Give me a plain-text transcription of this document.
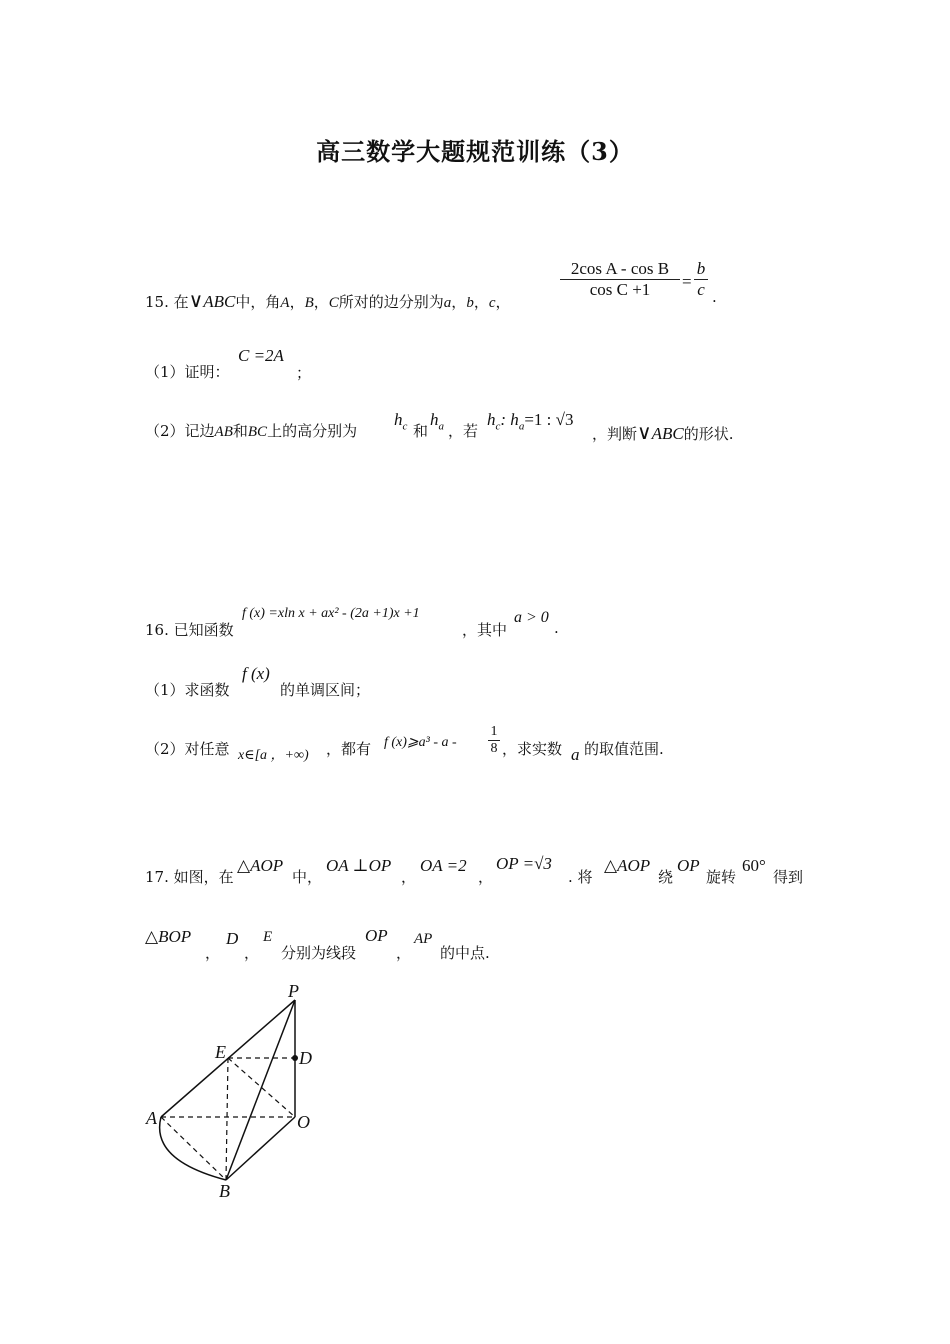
高三数学大题规范训练（3）
15. 在∨ABC中，角A，B，C所对的边分别为a，b，c，
$\frac{\text{2cos A - cos B}}{\text{cos C +1}} = \frac{b}{c}$ .
（1）证明：
C =2A
；
（2）记边AB和BC上的高分别为
$h_c$ 和
$h_a$ ，若
$h_c$: $h_a=1$ : √3
，判断∨ABC的形状.
16. 已知函数
f (x) =xln x + ax² - (2a +1)x +1
，其中
a > 0
.
（1）求函数
f (x)
的单调区间；
（2）对任意 x∈[a ，+∞) ，都有 f (x)⩾a³ - a - $\frac{1}{8}$ ，求实数 a 的取值范围.
17. 如图，在
△AOP
中，
OA ⊥OP
，
OA =2
，
OP =√3
. 将
△AOP
绕
OP
旋转
60°
得到
△BOP
，
D
，
E
分别为线段
OP
，
AP
的中点.
P
E	D
A	O
B
